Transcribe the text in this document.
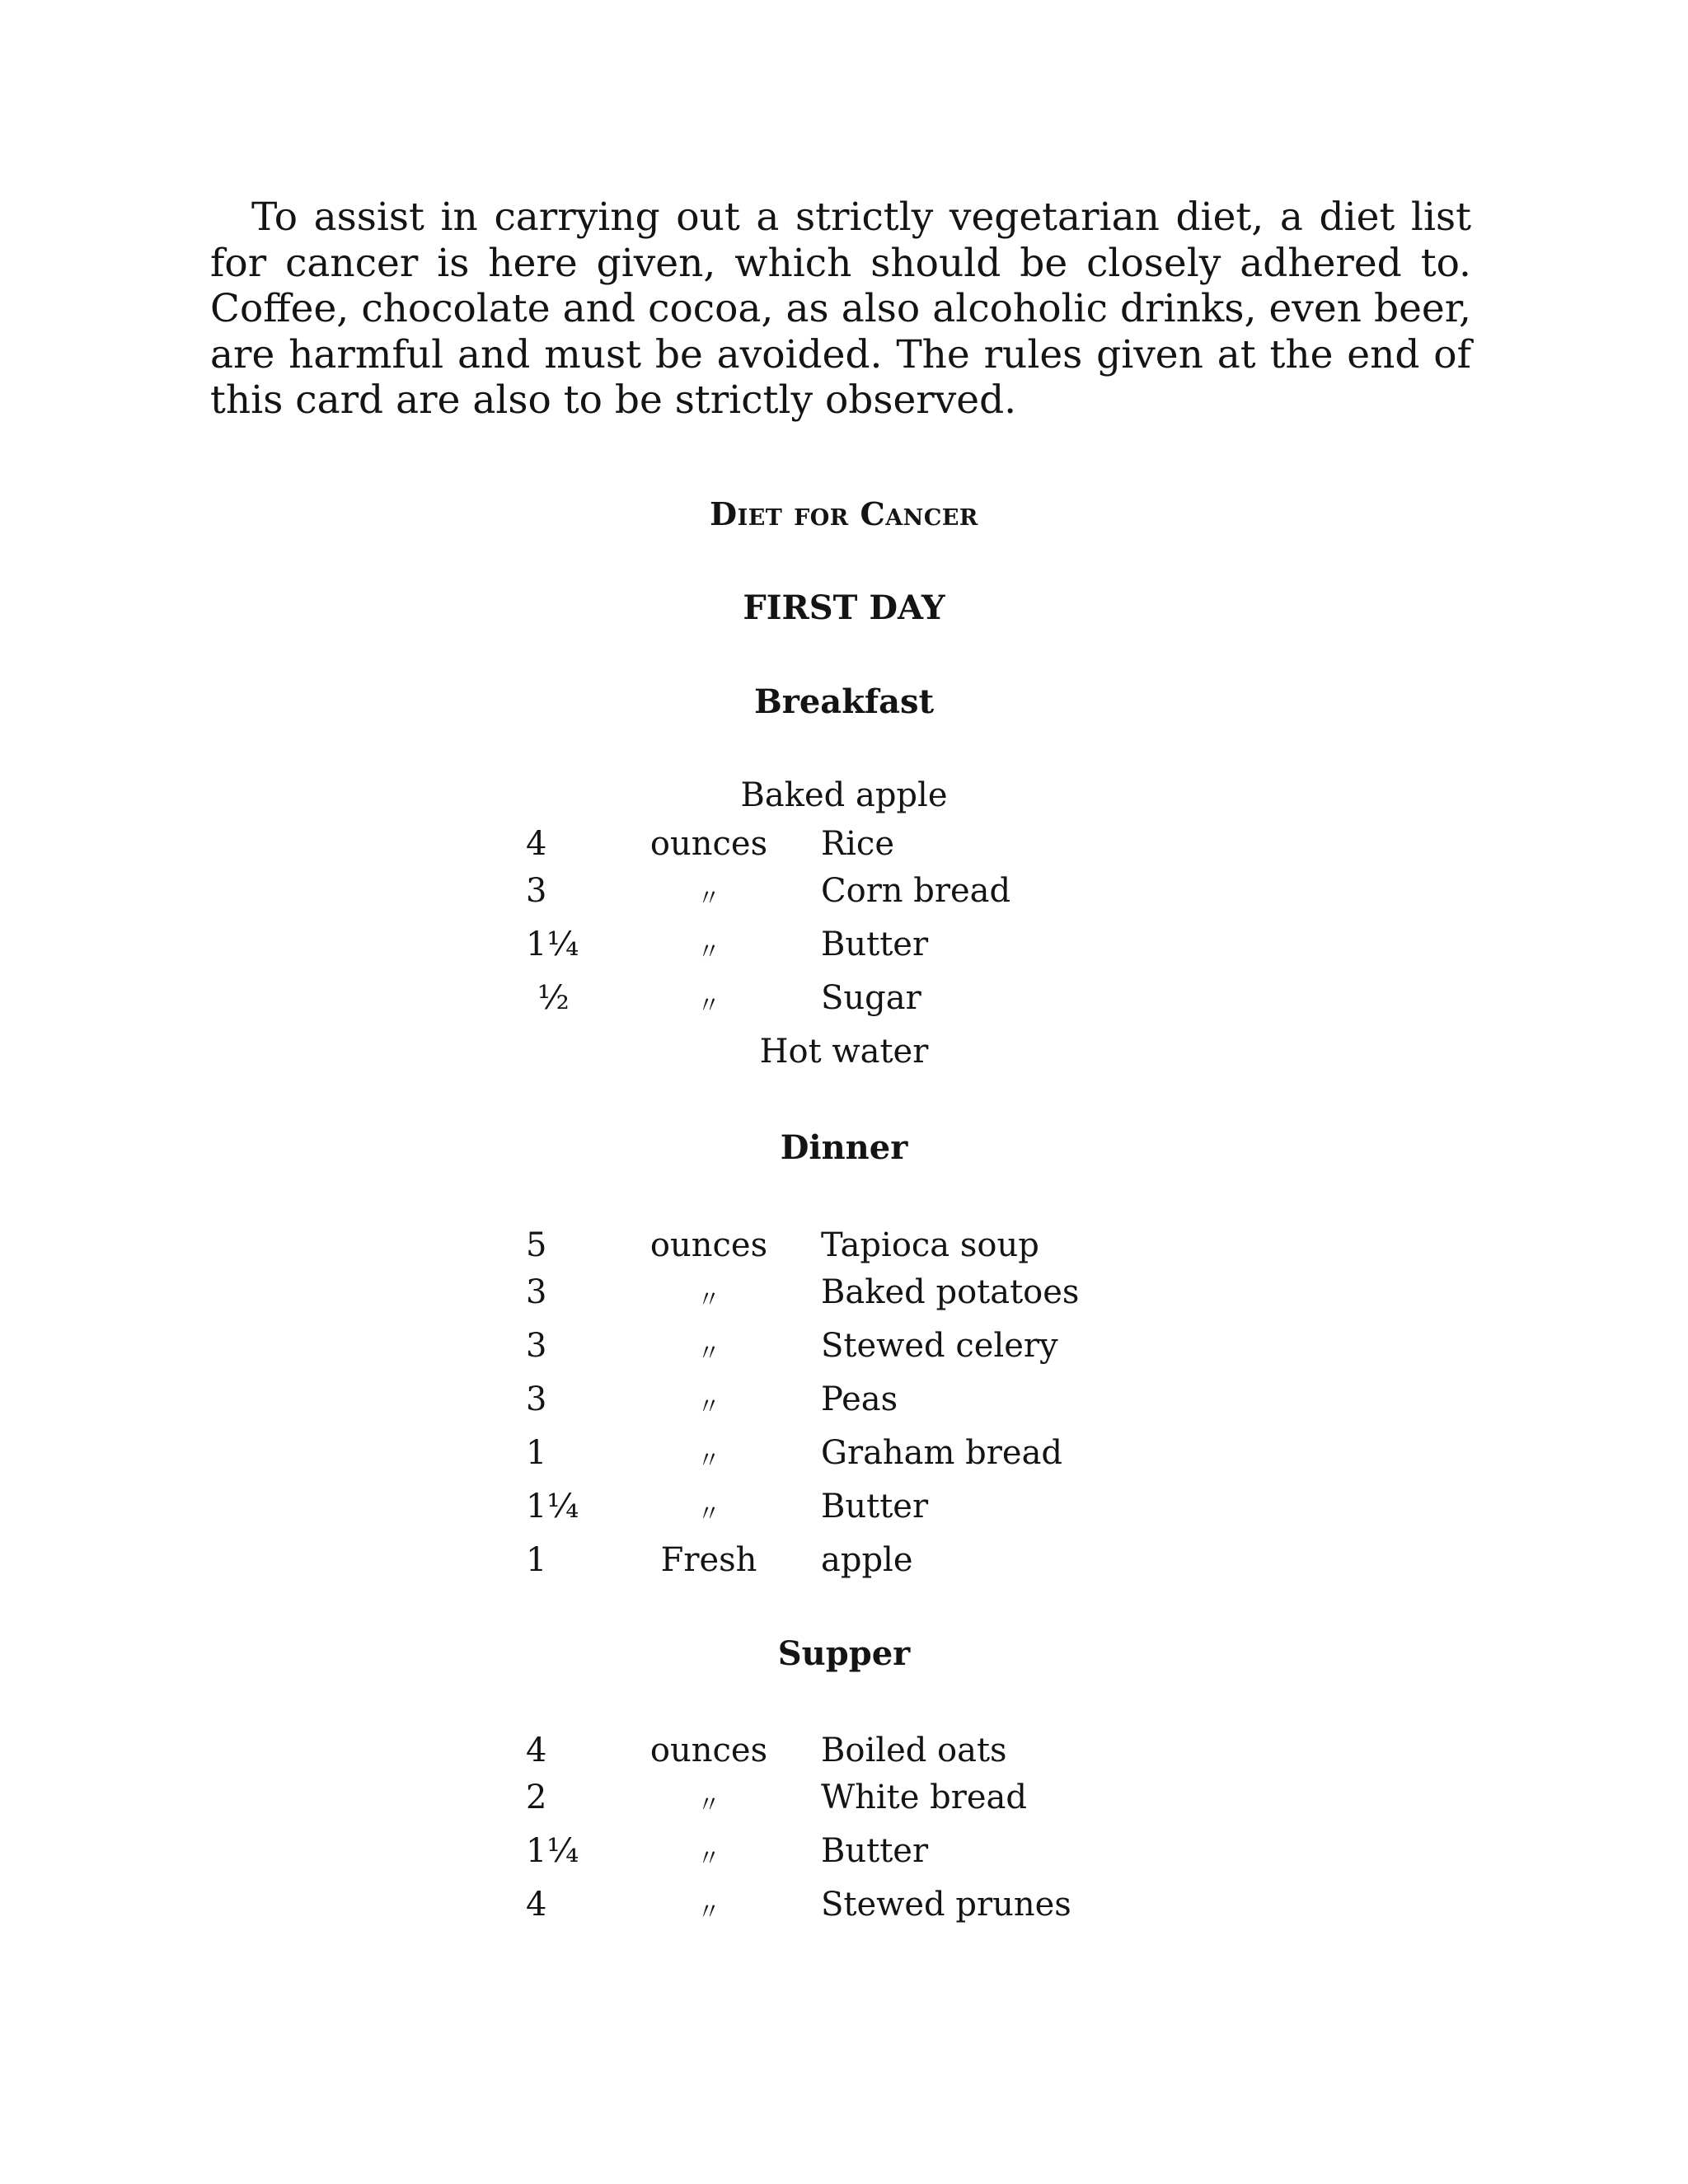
To assist in carrying out a strictly vegetarian diet, a diet list for cancer is here given, which should be closely adhered to. Coffee, chocolate and cocoa, as also alcoholic drinks, even beer, are harmful and must be avoided. The rules given at the end of this card are also to be strictly observed.

Diet for Cancer
FIRST DAY
Breakfast
Baked apple
4	ounces	Rice
3	〃	Corn bread
1¼	〃	Butter
½	〃	Sugar
Hot water
Dinner
5	ounces	Tapioca soup
3	〃	Baked potatoes
3	〃	Stewed celery
3	〃	Peas
1	〃	Graham bread
1¼	〃	Butter
1	Fresh	apple
Supper
4	ounces	Boiled oats
2	〃	White bread
1¼	〃	Butter
4	〃	Stewed prunes
